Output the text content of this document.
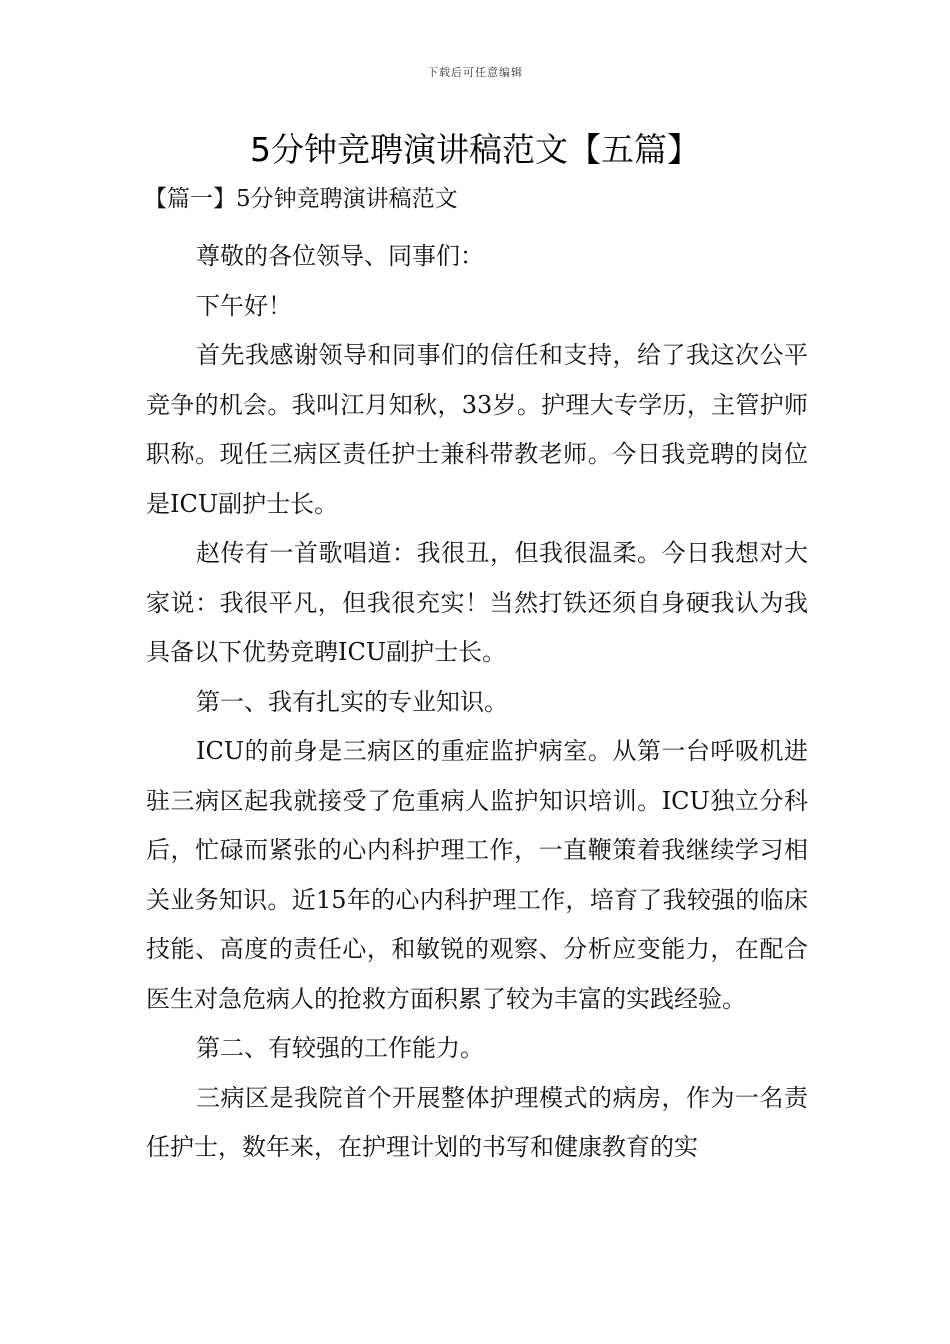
下载后可任意编辑
5分钟竞聘演讲稿范文【五篇】

【篇一】5分钟竞聘演讲稿范文

尊敬的各位领导、同事们：

下午好！

首先我感谢领导和同事们的信任和支持，给了我这次公平竞争的机会。我叫江月知秋，33岁。护理大专学历，主管护师职称。现任三病区责任护士兼科带教老师。今日我竞聘的岗位是ICU副护士长。

赵传有一首歌唱道：我很丑，但我很温柔。今日我想对大家说：我很平凡，但我很充实！当然打铁还须自身硬我认为我具备以下优势竞聘ICU副护士长。

第一、我有扎实的专业知识。

ICU的前身是三病区的重症监护病室。从第一台呼吸机进驻三病区起我就接受了危重病人监护知识培训。ICU独立分科后，忙碌而紧张的心内科护理工作，一直鞭策着我继续学习相关业务知识。近15年的心内科护理工作，培育了我较强的临床技能、高度的责任心，和敏锐的观察、分析应变能力，在配合医生对急危病人的抢救方面积累了较为丰富的实践经验。

第二、有较强的工作能力。

三病区是我院首个开展整体护理模式的病房，作为一名责任护士，数年来，在护理计划的书写和健康教育的实
